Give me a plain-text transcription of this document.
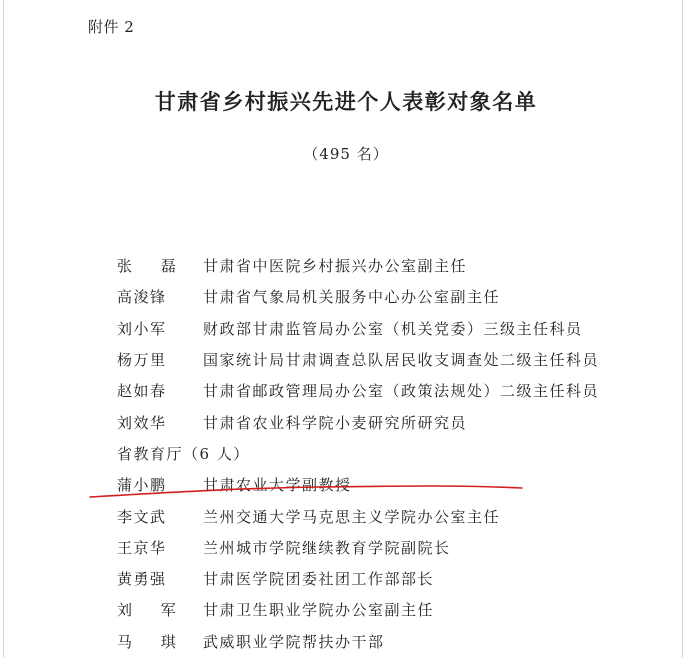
附件 2
甘肃省乡村振兴先进个人表彰对象名单
（495 名）
张 磊	甘肃省中医院乡村振兴办公室副主任
高浚锋	甘肃省气象局机关服务中心办公室副主任
刘小军	财政部甘肃监管局办公室（机关党委）三级主任科员
杨万里	国家统计局甘肃调查总队居民收支调查处二级主任科员
赵如春	甘肃省邮政管理局办公室（政策法规处）二级主任科员
刘效华	甘肃省农业科学院小麦研究所研究员
省教育厅（6 人）
蒲小鹏	甘肃农业大学副教授
李文武	兰州交通大学马克思主义学院办公室主任
王京华	兰州城市学院继续教育学院副院长
黄勇强	甘肃医学院团委社团工作部部长
刘 军	甘肃卫生职业学院办公室副主任
马 琪	武威职业学院帮扶办干部
